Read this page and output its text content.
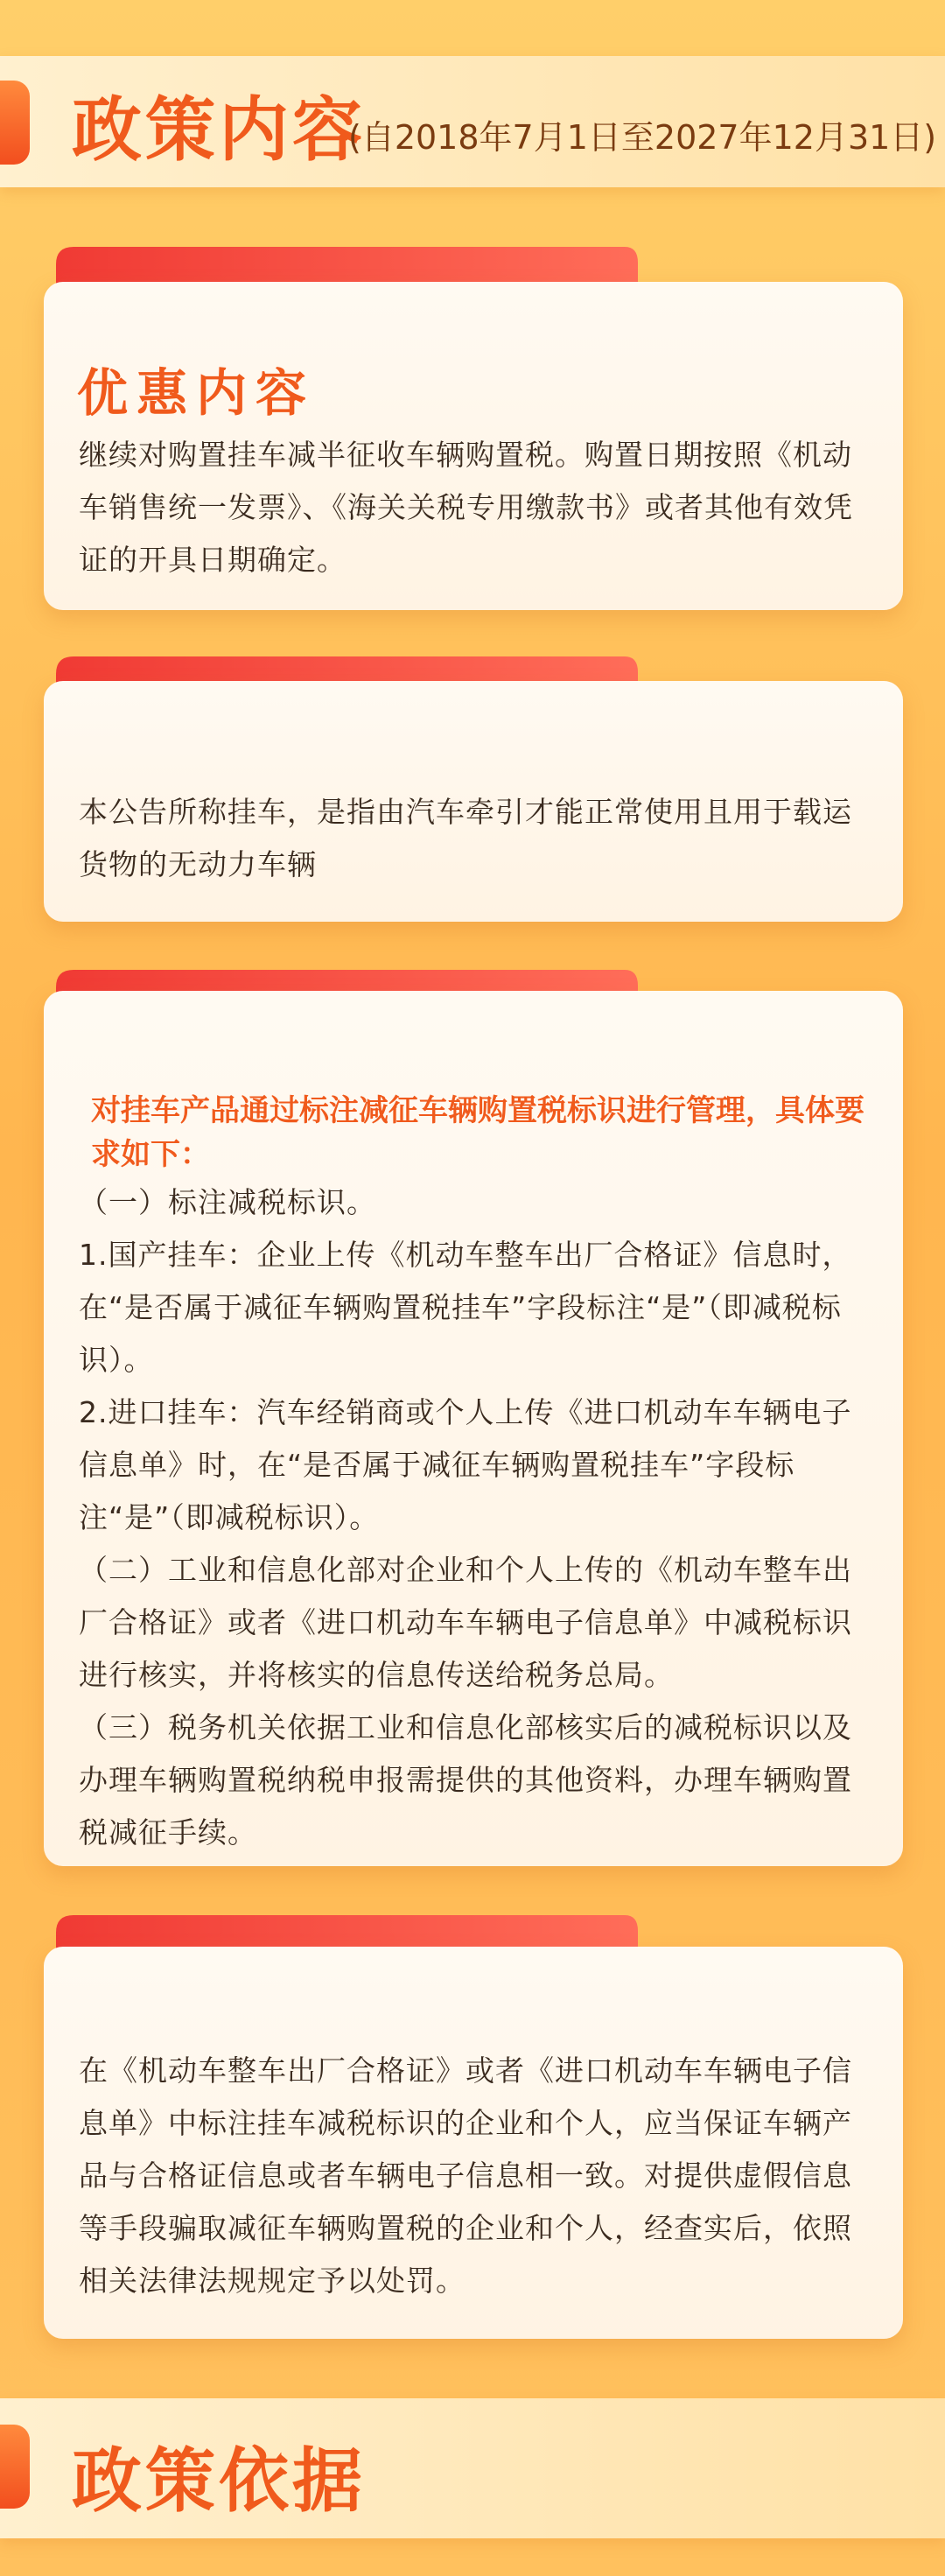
政策内容
(自2018年7月1日至2027年12月31日)
优惠内容
继续对购置挂车减半征收车辆购置税。购置日期按照《机动车销售统一发票》、《海关关税专用缴款书》或者其他有效凭证的开具日期确定。
本公告所称挂车，是指由汽车牵引才能正常使用且用于载运货物的无动力车辆
对挂车产品通过标注减征车辆购置税标识进行管理，具体要求如下：

（一）标注减税标识。

1.国产挂车：企业上传《机动车整车出厂合格证》信息时，在“是否属于减征车辆购置税挂车”字段标注“是”（即减税标识）。

2.进口挂车：汽车经销商或个人上传《进口机动车车辆电子信息单》时，在“是否属于减征车辆购置税挂车”字段标注“是”（即减税标识）。

（二）工业和信息化部对企业和个人上传的《机动车整车出厂合格证》或者《进口机动车车辆电子信息单》中减税标识进行核实，并将核实的信息传送给税务总局。

（三）税务机关依据工业和信息化部核实后的减税标识以及办理车辆购置税纳税申报需提供的其他资料，办理车辆购置税减征手续。

在《机动车整车出厂合格证》或者《进口机动车车辆电子信息单》中标注挂车减税标识的企业和个人，应当保证车辆产品与合格证信息或者车辆电子信息相一致。对提供虚假信息等手段骗取减征车辆购置税的企业和个人，经查实后，依照相关法律法规规定予以处罚。
政策依据
